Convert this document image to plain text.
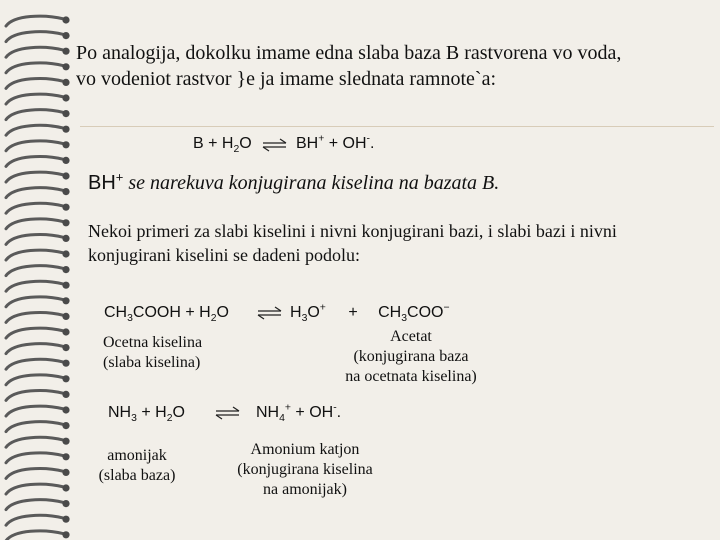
Po analogija, dokolku imame edna slaba baza B rastvorena vo voda,
vo vodeniot rastvor }e ja imame slednata ramnote`a:
$B + H_2O$ ⇌ BH+ + OH-.
BH+ se narekuva konjugirana kiselina na bazata B.
Nekoi primeri za slabi kiselini i nivni konjugirani bazi, i slabi bazi i nivni konjugirani kiselini se dadeni podolu:
$CH_3COOH + H_2O$ ⇌ $H_3O^+ + CH_3COO^-$
Ocetna kiselina
(slaba kiselina)
Acetat
(konjugirana baza
na ocetnata kiselina)
$NH_3 + H_2O$ ⇌ $NH_4^+ + OH^-$.
amonijak
(slaba baza)
Amonium katjon
(konjugirana kiselina
na amonijak)
